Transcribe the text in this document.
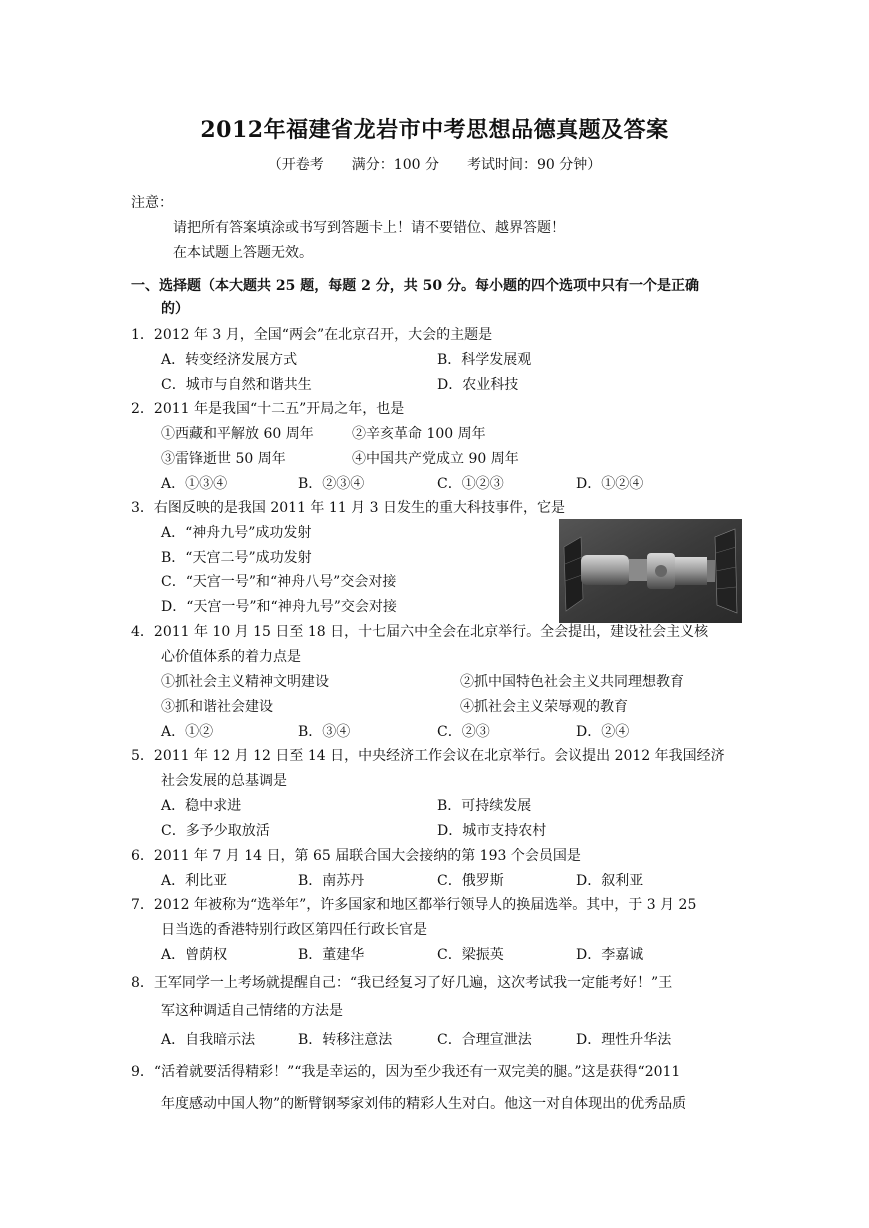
2012年福建省龙岩市中考思想品德真题及答案
（开卷考　　满分：100 分　　考试时间：90 分钟）
注意：
请把所有答案填涂或书写到答题卡上！请不要错位、越界答题！
在本试题上答题无效。
一、选择题（本大题共 25 题，每题 2 分，共 50 分。每小题的四个选项中只有一个是正确
的）
1．2012 年 3 月，全国“两会”在北京召开，大会的主题是
A．转变经济发展方式	B．科学发展观
C．城市与自然和谐共生	D．农业科技
2．2011 年是我国“十二五”开局之年，也是
①西藏和平解放 60 周年	②辛亥革命 100 周年
③雷锋逝世 50 周年	④中国共产党成立 90 周年
A．①③④	B．②③④	C．①②③	D．①②④
3．右图反映的是我国 2011 年 11 月 3 日发生的重大科技事件，它是
A．“神舟九号”成功发射
B．“天宫二号”成功发射
C．“天宫一号”和“神舟八号”交会对接
D．“天宫一号”和“神舟九号”交会对接
4．2011 年 10 月 15 日至 18 日，十七届六中全会在北京举行。全会提出，建设社会主义核
心价值体系的着力点是
①抓社会主义精神文明建设	②抓中国特色社会主义共同理想教育
③抓和谐社会建设	④抓社会主义荣辱观的教育
A．①②	B．③④	C．②③	D．②④
5．2011 年 12 月 12 日至 14 日，中央经济工作会议在北京举行。会议提出 2012 年我国经济
社会发展的总基调是
A．稳中求进	B．可持续发展
C．多予少取放活	D．城市支持农村
6．2011 年 7 月 14 日，第 65 届联合国大会接纳的第 193 个会员国是
A．利比亚	B．南苏丹	C．俄罗斯	D．叙利亚
7．2012 年被称为“选举年”，许多国家和地区都举行领导人的换届选举。其中，于 3 月 25
日当选的香港特别行政区第四任行政长官是
A．曾荫权	B．董建华	C．梁振英	D．李嘉诚
8．王军同学一上考场就提醒自己：“我已经复习了好几遍，这次考试我一定能考好！”王
军这种调适自己情绪的方法是
A．自我暗示法	B．转移注意法	C．合理宣泄法	D．理性升华法
9．“活着就要活得精彩！”“我是幸运的，因为至少我还有一双完美的腿。”这是获得“2011
年度感动中国人物”的断臂钢琴家刘伟的精彩人生对白。他这一对自体现出的优秀品质
